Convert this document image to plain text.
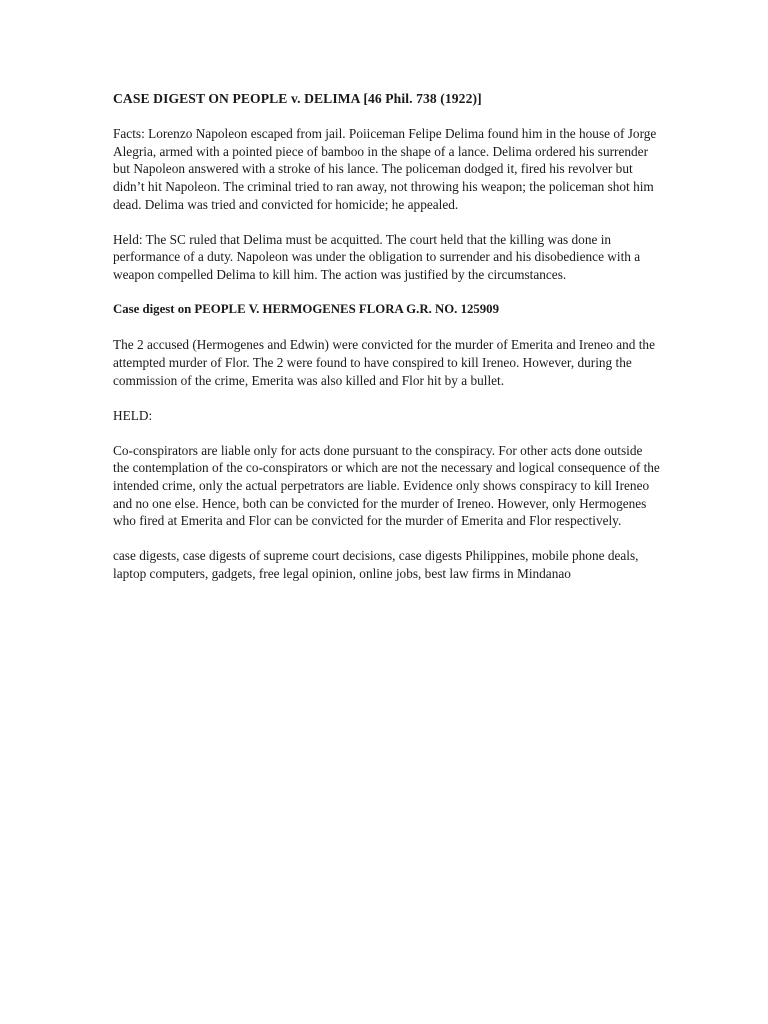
CASE DIGEST ON PEOPLE v. DELIMA [46 Phil. 738 (1922)]

Facts: Lorenzo Napoleon escaped from jail. Poiiceman Felipe Delima found him in the house of Jorge Alegria, armed with a pointed piece of bamboo in the shape of a lance. Delima ordered his surrender but Napoleon answered with a stroke of his lance. The policeman dodged it, fired his revolver but didn’t hit Napoleon. The criminal tried to ran away, not throwing his weapon; the policeman shot him dead. Delima was tried and convicted for homicide; he appealed.

Held: The SC ruled that Delima must be acquitted. The court held that the killing was done in performance of a duty. Napoleon was under the obligation to surrender and his disobedience with a weapon compelled Delima to kill him. The action was justified by the circumstances.

Case digest on PEOPLE V. HERMOGENES FLORA G.R. NO. 125909

The 2 accused (Hermogenes and Edwin) were convicted for the murder of Emerita and Ireneo and the attempted murder of Flor. The 2 were found to have conspired to kill Ireneo. However, during the commission of the crime, Emerita was also killed and Flor hit by a bullet.

HELD:

Co-conspirators are liable only for acts done pursuant to the conspiracy. For other acts done outside the contemplation of the co-conspirators or which are not the necessary and logical consequence of the intended crime, only the actual perpetrators are liable. Evidence only shows conspiracy to kill Ireneo and no one else. Hence, both can be convicted for the murder of Ireneo. However, only Hermogenes who fired at Emerita and Flor can be convicted for the murder of Emerita and Flor respectively.

case digests, case digests of supreme court decisions, case digests Philippines, mobile phone deals, laptop computers, gadgets, free legal opinion, online jobs, best law firms in Mindanao
